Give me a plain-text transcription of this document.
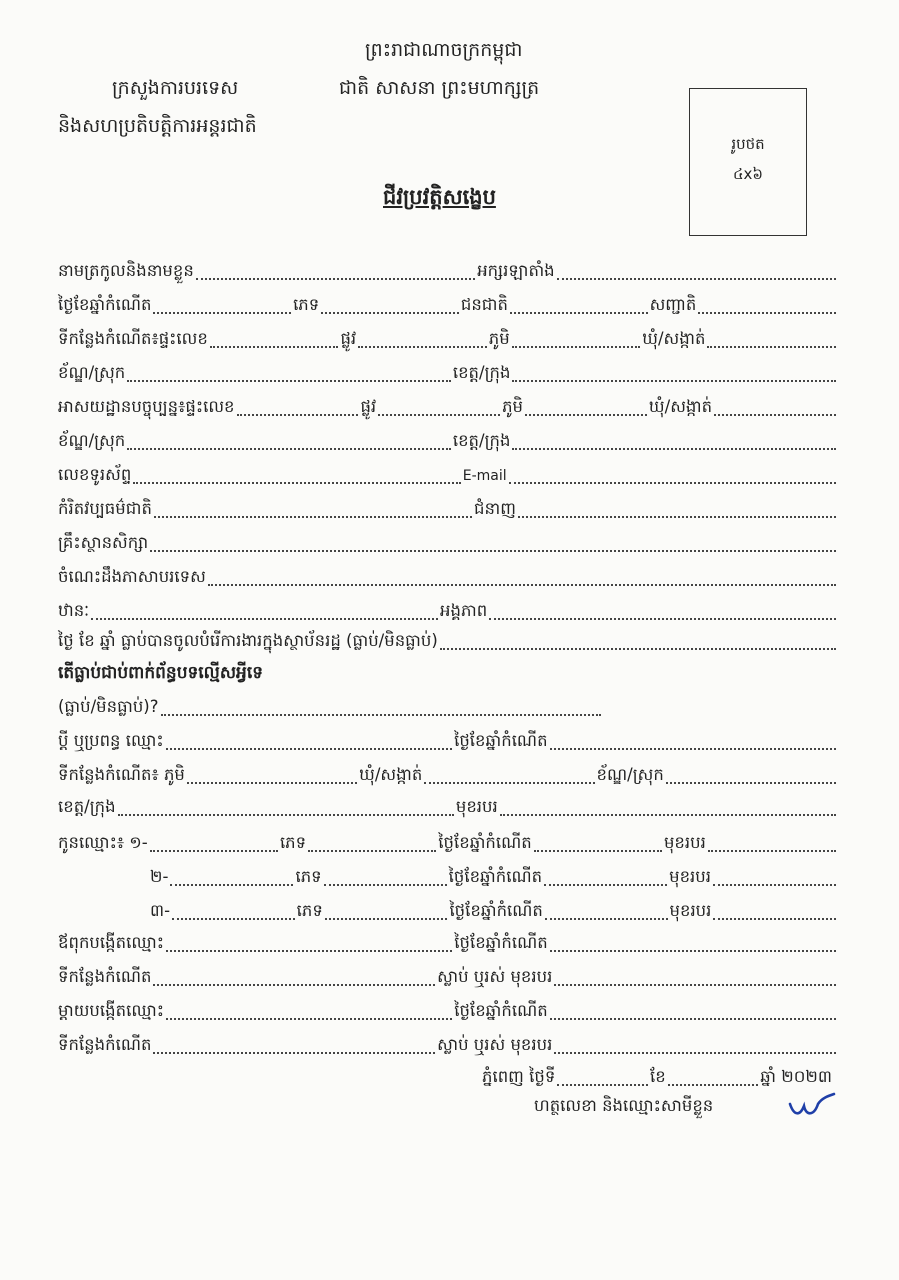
ព្រះរាជាណាចក្រកម្ពុជា
ជាតិ សាសនា ព្រះមហាក្សត្រ
ក្រសួងការបរទេស
និងសហប្រតិបត្តិការអន្តរជាតិ
រូបថត
៤x៦
ជីវប្រវត្តិសង្ខេប
នាមត្រកូលនិងនាមខ្លួន	អក្សរឡាតាំង
ថ្ងៃខែឆ្នាំកំណើត	ភេទ	ជនជាតិ	សញ្ជាតិ
ទីកន្លែងកំណើត៖ផ្ទះលេខ	ផ្លូវ	ភូមិ	ឃុំ/សង្កាត់
ខ័ណ្ឌ/ស្រុក	ខេត្ត/ក្រុង
អាសយដ្ឋានបច្ចុប្បន្ន៖ផ្ទះលេខ	ផ្លូវ	ភូមិ	ឃុំ/សង្កាត់
ខ័ណ្ឌ/ស្រុក	ខេត្ត/ក្រុង
លេខទូរស័ព្ទ	E-mail
កំរិតវប្បធម៌ជាតិ	ជំនាញ
គ្រឹះស្ថានសិក្សា
ចំណេះដឹងភាសាបរទេស
ឋានៈ	អង្គភាព
ថ្ងៃ ខែ ឆ្នាំ ធ្លាប់បានចូលបំរើការងារក្នុងស្ថាប័នរដ្ឋ (ធ្លាប់/មិនធ្លាប់)
តើធ្លាប់ជាប់ពាក់ព័ន្ធបទល្មើសអ្វីទេ
(ធ្លាប់/មិនធ្លាប់)?
ប្ដី ឬប្រពន្ធ ឈ្មោះ	ថ្ងៃខែឆ្នាំកំណើត
ទីកន្លែងកំណើត៖ ភូមិ	ឃុំ/សង្កាត់	ខ័ណ្ឌ/ស្រុក
ខេត្ត/ក្រុង	មុខរបរ
កូនឈ្មោះ៖ ១-	ភេទ	ថ្ងៃខែឆ្នាំកំណើត	មុខរបរ
២-	ភេទ	ថ្ងៃខែឆ្នាំកំណើត	មុខរបរ
៣-	ភេទ	ថ្ងៃខែឆ្នាំកំណើត	មុខរបរ
ឪពុកបង្កើតឈ្មោះ	ថ្ងៃខែឆ្នាំកំណើត
ទីកន្លែងកំណើត	ស្លាប់ ឬរស់ មុខរបរ
ម្ដាយបង្កើតឈ្មោះ	ថ្ងៃខែឆ្នាំកំណើត
ទីកន្លែងកំណើត	ស្លាប់ ឬរស់ មុខរបរ
ភ្នំពេញ ថ្ងៃទី	ខែ	ឆ្នាំ ២០២៣
ហត្ថលេខា និងឈ្មោះសាមីខ្លួន
